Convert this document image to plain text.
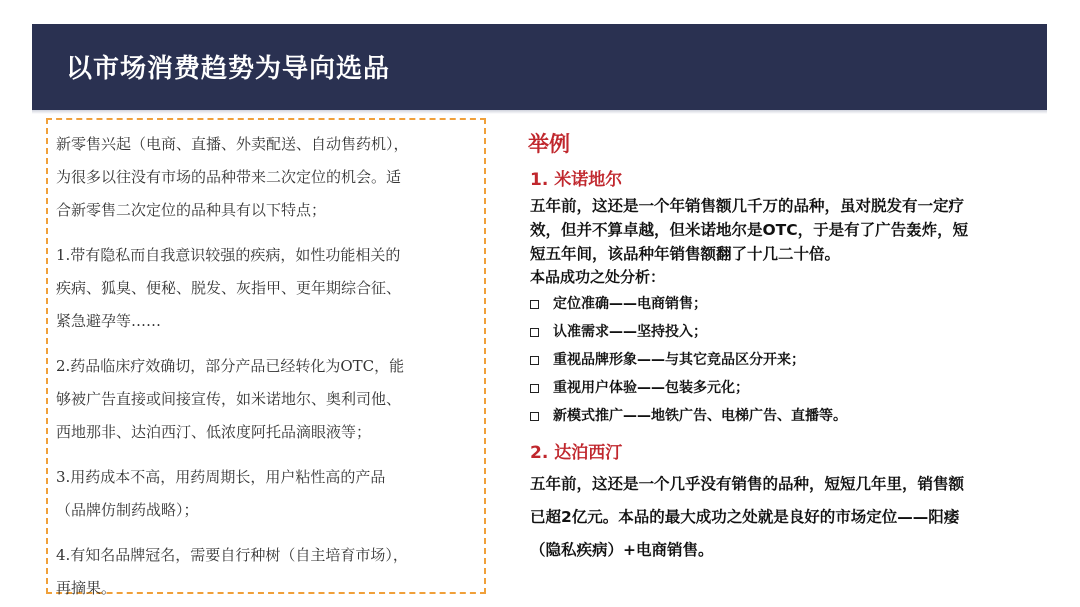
以市场消费趋势为导向选品

新零售兴起（电商、直播、外卖配送、自动售药机），

为很多以往没有市场的品种带来二次定位的机会。适

合新零售二次定位的品种具有以下特点；

1.带有隐私而自我意识较强的疾病，如性功能相关的

疾病、狐臭、便秘、脱发、灰指甲、更年期综合征、

紧急避孕等……

2.药品临床疗效确切，部分产品已经转化为OTC，能

够被广告直接或间接宣传，如米诺地尔、奥利司他、

西地那非、达泊西汀、低浓度阿托品滴眼液等；

3.用药成本不高，用药周期长，用户粘性高的产品

（品牌仿制药战略）；

4.有知名品牌冠名，需要自行种树（自主培育市场），

再摘果。

举例
1. 米诺地尔

五年前，这还是一个年销售额几千万的品种，虽对脱发有一定疗

效，但并不算卓越，但米诺地尔是OTC，于是有了广告轰炸，短

短五年间，该品种年销售额翻了十几二十倍。

本品成功之处分析：
定位准确——电商销售；
认准需求——坚持投入；
重视品牌形象——与其它竞品区分开来；
重视用户体验——包装多元化；
新模式推广——地铁广告、电梯广告、直播等。
2. 达泊西汀

五年前，这还是一个几乎没有销售的品种，短短几年里，销售额

已超2亿元。本品的最大成功之处就是良好的市场定位——阳痿

（隐私疾病）+电商销售。
